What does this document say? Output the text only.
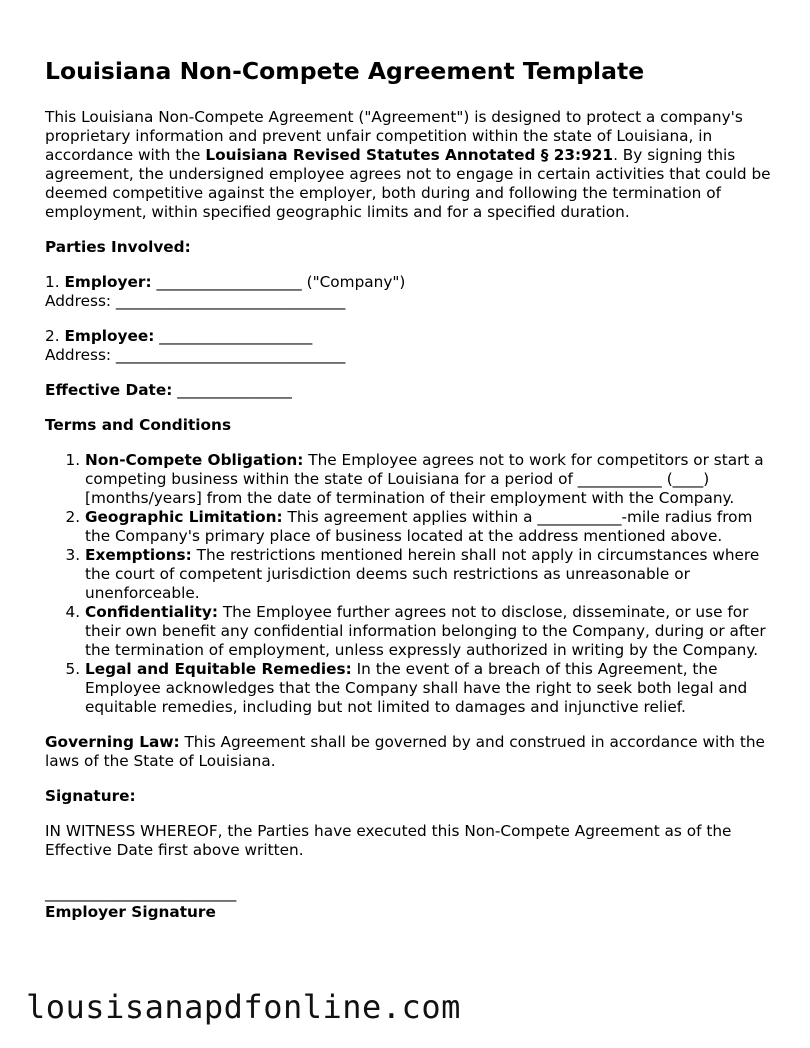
Louisiana Non-Compete Agreement Template

This Louisiana Non-Compete Agreement ("Agreement") is designed to protect a company's proprietary information and prevent unfair competition within the state of Louisiana, in accordance with the Louisiana Revised Statutes Annotated § 23:921. By signing this agreement, the undersigned employee agrees not to engage in certain activities that could be deemed competitive against the employer, both during and following the termination of employment, within specified geographic limits and for a specified duration.

Parties Involved:

1. Employer: ___________________ ("Company")

Address: ______________________________

2. Employee: ____________________

Address: ______________________________

Effective Date: _______________

Terms and Conditions

1. Non-Compete Obligation: The Employee agrees not to work for competitors or start a competing business within the state of Louisiana for a period of ___________ (____) [months/years] from the date of termination of their employment with the Company.
2. Geographic Limitation: This agreement applies within a ___________-mile radius from the Company's primary place of business located at the address mentioned above.
3. Exemptions: The restrictions mentioned herein shall not apply in circumstances where the court of competent jurisdiction deems such restrictions as unreasonable or unenforceable.
4. Confidentiality: The Employee further agrees not to disclose, disseminate, or use for their own benefit any confidential information belonging to the Company, during or after the termination of employment, unless expressly authorized in writing by the Company.
5. Legal and Equitable Remedies: In the event of a breach of this Agreement, the Employee acknowledges that the Company shall have the right to seek both legal and equitable remedies, including but not limited to damages and injunctive relief.

Governing Law: This Agreement shall be governed by and construed in accordance with the laws of the State of Louisiana.

Signature:

IN WITNESS WHEREOF, the Parties have executed this Non-Compete Agreement as of the Effective Date first above written.

_________________________

Employer Signature

lousisanapdfonline.com
